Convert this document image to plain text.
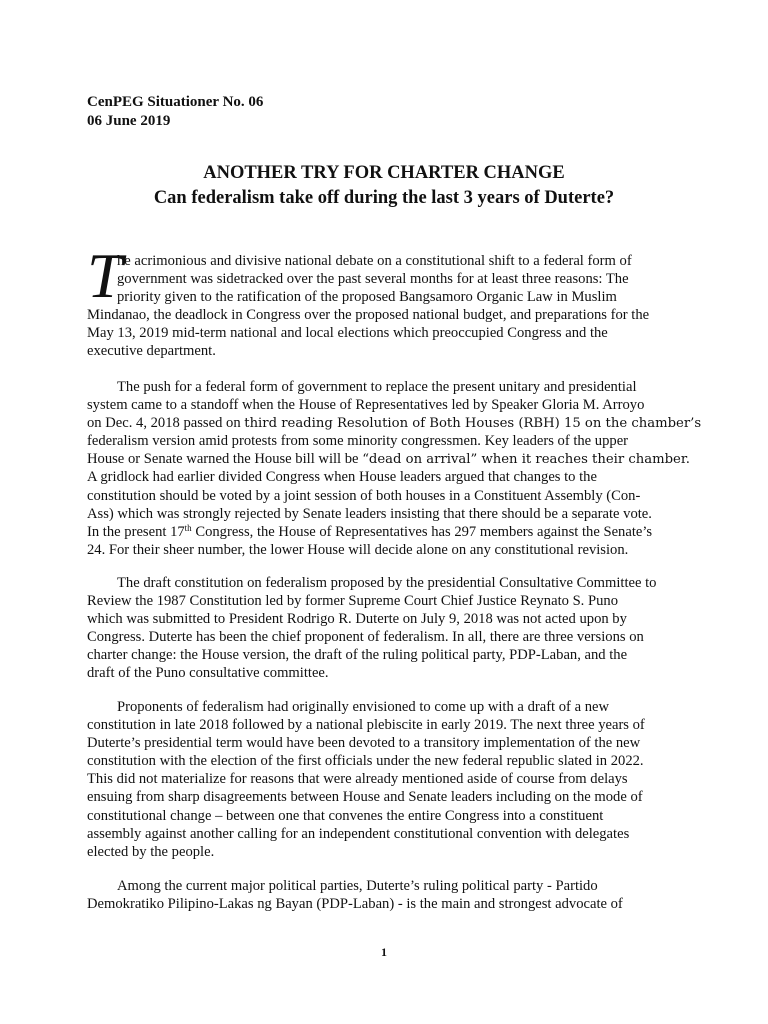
CenPEG Situationer No. 06
06 June 2019
ANOTHER TRY FOR CHARTER CHANGE
Can federalism take off during the last 3 years of Duterte?
T
he acrimonious and divisive national debate on a constitutional shift to a federal form of
government was sidetracked over the past several months for at least three reasons: The
priority given to the ratification of the proposed Bangsamoro Organic Law in Muslim
Mindanao, the deadlock in Congress over the proposed national budget, and preparations for the
May 13, 2019 mid-term national and local elections which preoccupied Congress and the
executive department.
The push for a federal form of government to replace the present unitary and presidential
system came to a standoff when the House of Representatives led by Speaker Gloria M. Arroyo
on Dec. 4, 2018 passed on third reading Resolution of Both Houses (RBH) 15 on the chamber’s
federalism version amid protests from some minority congressmen. Key leaders of the upper
House or Senate warned the House bill will be “dead on arrival” when it reaches their chamber.
A gridlock had earlier divided Congress when House leaders argued that changes to the
constitution should be voted by a joint session of both houses in a Constituent Assembly (Con-
Ass) which was strongly rejected by Senate leaders insisting that there should be a separate vote.
In the present 17th Congress, the House of Representatives has 297 members against the Senate’s
24. For their sheer number, the lower House will decide alone on any constitutional revision.
The draft constitution on federalism proposed by the presidential Consultative Committee to
Review the 1987 Constitution led by former Supreme Court Chief Justice Reynato S. Puno
which was submitted to President Rodrigo R. Duterte on July 9, 2018 was not acted upon by
Congress. Duterte has been the chief proponent of federalism. In all, there are three versions on
charter change: the House version, the draft of the ruling political party, PDP-Laban, and the
draft of the Puno consultative committee.
Proponents of federalism had originally envisioned to come up with a draft of a new
constitution in late 2018 followed by a national plebiscite in early 2019. The next three years of
Duterte’s presidential term would have been devoted to a transitory implementation of the new
constitution with the election of the first officials under the new federal republic slated in 2022.
This did not materialize for reasons that were already mentioned aside of course from delays
ensuing from sharp disagreements between House and Senate leaders including on the mode of
constitutional change – between one that convenes the entire Congress into a constituent
assembly against another calling for an independent constitutional convention with delegates
elected by the people.
Among the current major political parties, Duterte’s ruling political party - Partido
Demokratiko Pilipino-Lakas ng Bayan (PDP-Laban) - is the main and strongest advocate of
1
